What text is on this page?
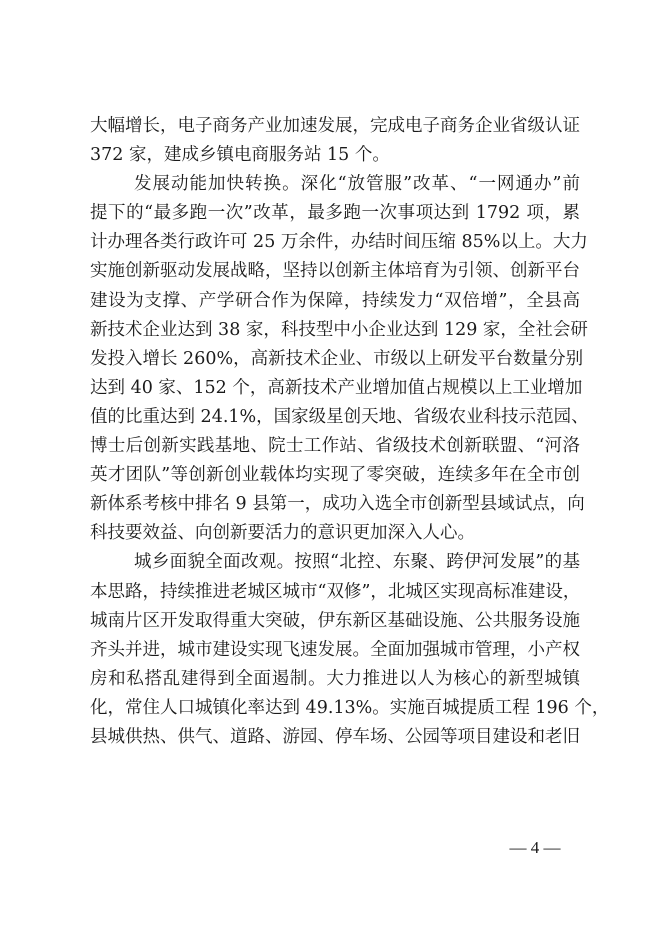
大幅增长，电子商务产业加速发展，完成电子商务企业省级认证
372 家，建成乡镇电商服务站 15 个。
发展动能加快转换。深化“放管服”改革、“一网通办”前
提下的“最多跑一次”改革，最多跑一次事项达到 1792 项，累
计办理各类行政许可 25 万余件，办结时间压缩 85%以上。大力
实施创新驱动发展战略，坚持以创新主体培育为引领、创新平台
建设为支撑、产学研合作为保障，持续发力“双倍增”，全县高
新技术企业达到 38 家，科技型中小企业达到 129 家，全社会研
发投入增长 260%，高新技术企业、市级以上研发平台数量分别
达到 40 家、152 个，高新技术产业增加值占规模以上工业增加
值的比重达到 24.1%，国家级星创天地、省级农业科技示范园、
博士后创新实践基地、院士工作站、省级技术创新联盟、“河洛
英才团队”等创新创业载体均实现了零突破，连续多年在全市创
新体系考核中排名 9 县第一，成功入选全市创新型县域试点，向
科技要效益、向创新要活力的意识更加深入人心。
城乡面貌全面改观。按照“北控、东聚、跨伊河发展”的基
本思路，持续推进老城区城市“双修”，北城区实现高标准建设，
城南片区开发取得重大突破，伊东新区基础设施、公共服务设施
齐头并进，城市建设实现飞速发展。全面加强城市管理，小产权
房和私搭乱建得到全面遏制。大力推进以人为核心的新型城镇
化，常住人口城镇化率达到 49.13%。实施百城提质工程 196 个，
县城供热、供气、道路、游园、停车场、公园等项目建设和老旧
— 4 —
